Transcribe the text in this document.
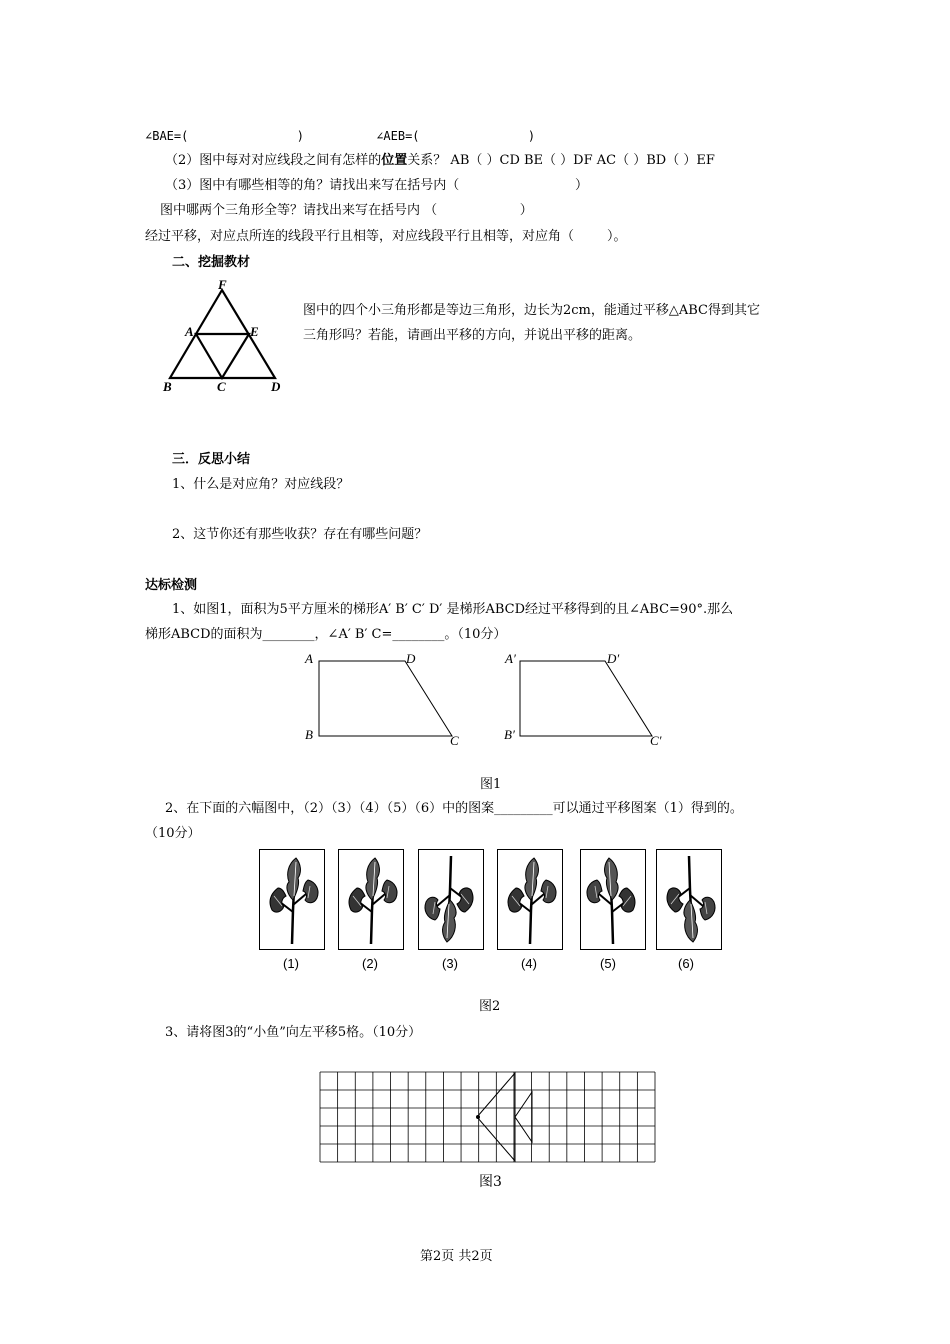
∠BAE=(               )          ∠AEB=(               )
（2）图中每对对应线段之间有怎样的位置关系？ AB（ ）CD BE（ ）DF AC（ ）BD（ ）EF
（3）图中有哪些相等的角？请找出来写在括号内（                            ）
图中哪两个三角形全等？请找出来写在括号内 （                    ）
经过平移，对应点所连的线段平行且相等，对应线段平行且相等，对应角（        ）。
二、挖掘教材
F
A	E
B	C	D
图中的四个小三角形都是等边三角形，边长为2cm，能通过平移△ABC得到其它
三角形吗？若能，请画出平移的方向，并说出平移的距离。
三．反思小结
1、什么是对应角？对应线段？
2、这节你还有那些收获？存在有哪些问题？
达标检测
1、如图1，面积为5平方厘米的梯形A′ B′ C′ D′ 是梯形ABCD经过平移得到的且∠ABC=90°.那么
梯形ABCD的面积为________，∠A′ B′ C=________。（10分）
A	D
B	C
A′	D′
B′	C′
图1
2、在下面的六幅图中，（2）（3）（4）（5）（6）中的图案_________可以通过平移图案（1）得到的。
（10分）
(1)	(2)	(3)	(4)	(5)	(6)
图2
3、请将图3的“小鱼”向左平移5格。（10分）
图3
第2页 共2页
